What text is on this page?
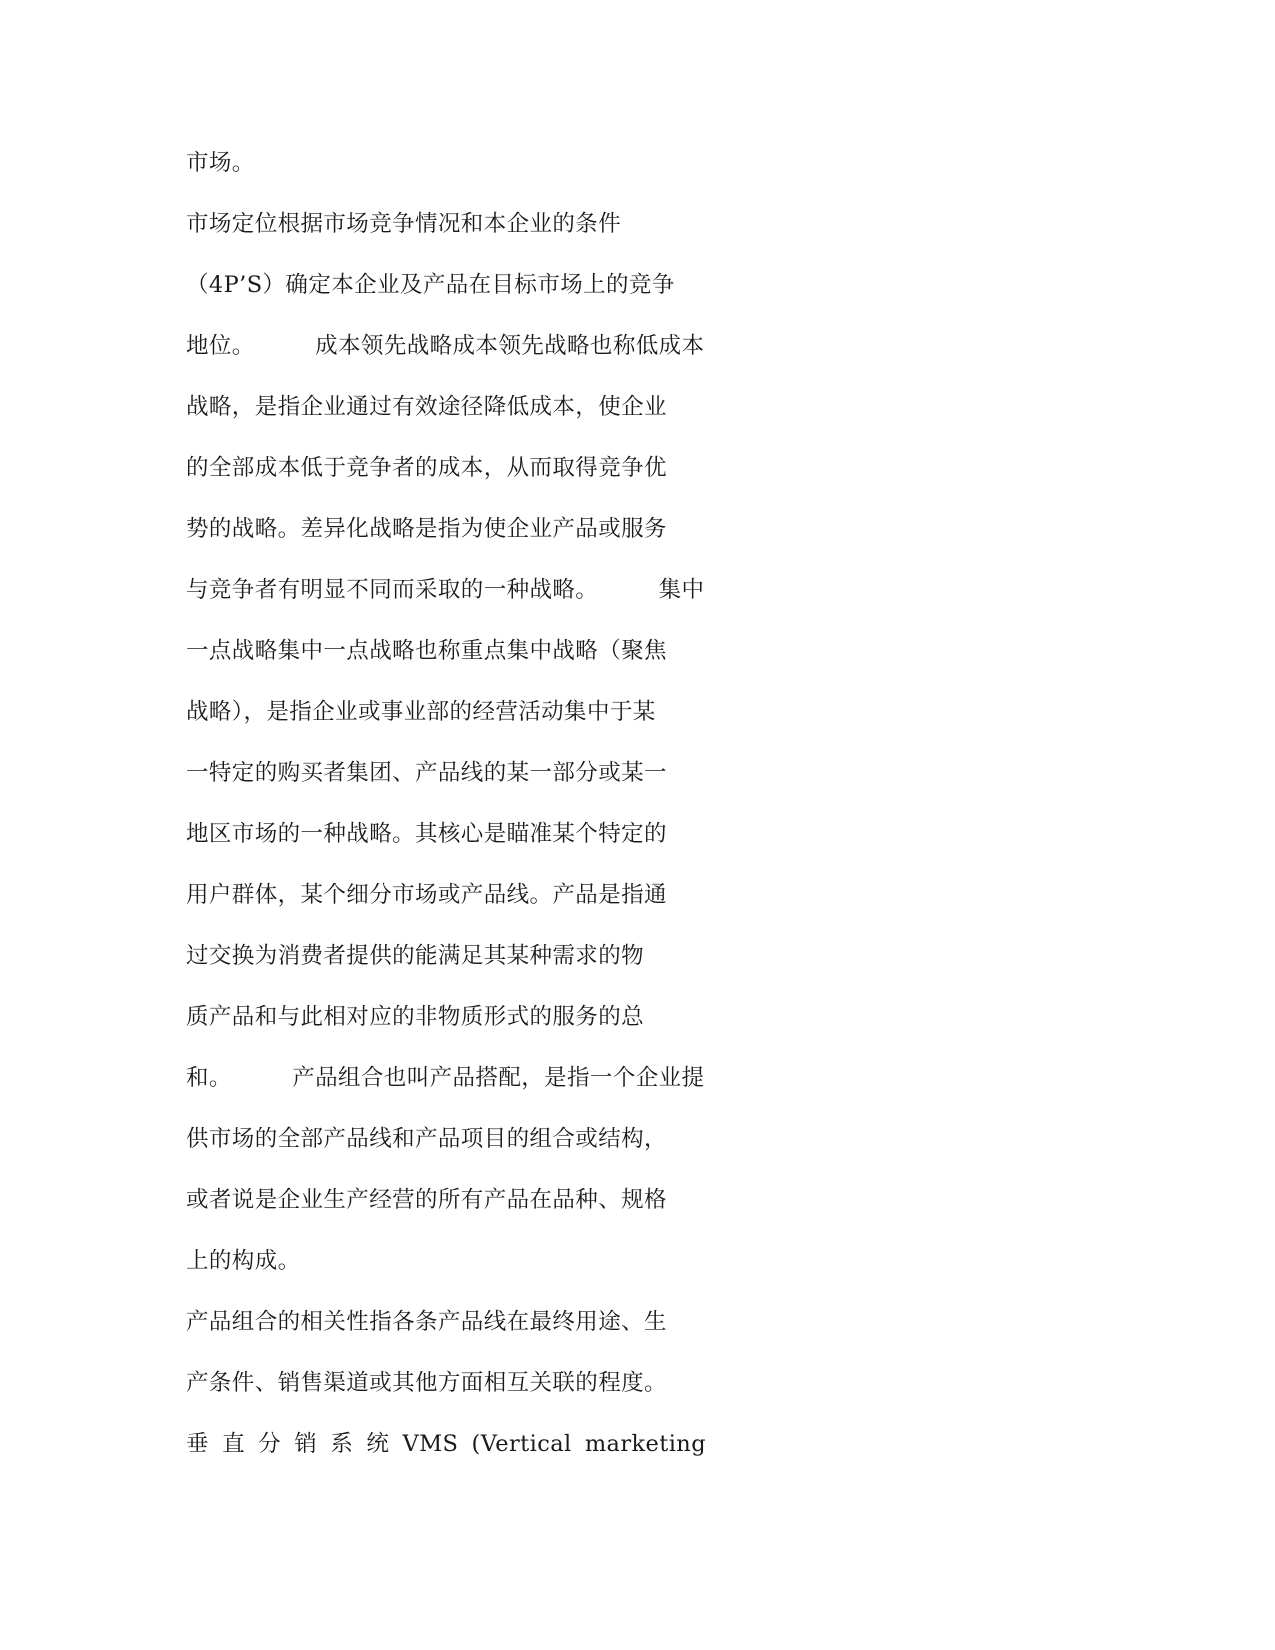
市场。
市场定位根据市场竞争情况和本企业的条件
（4P’S）确定本企业及产品在目标市场上的竞争
地位。        成本领先战略成本领先战略也称低成本
战略，是指企业通过有效途径降低成本，使企业
的全部成本低于竞争者的成本，从而取得竞争优
势的战略。差异化战略是指为使企业产品或服务
与竞争者有明显不同而采取的一种战略。        集中
一点战略集中一点战略也称重点集中战略（聚焦
战略），是指企业或事业部的经营活动集中于某
一特定的购买者集团、产品线的某一部分或某一
地区市场的一种战略。其核心是瞄准某个特定的
用户群体，某个细分市场或产品线。产品是指通
过交换为消费者提供的能满足其某种需求的物
质产品和与此相对应的非物质形式的服务的总
和。        产品组合也叫产品搭配，是指一个企业提
供市场的全部产品线和产品项目的组合或结构，
或者说是企业生产经营的所有产品在品种、规格
上的构成。
产品组合的相关性指各条产品线在最终用途、生
产条件、销售渠道或其他方面相互关联的程度。
垂 直 分 销 系 统 VMS (Vertical marketing
